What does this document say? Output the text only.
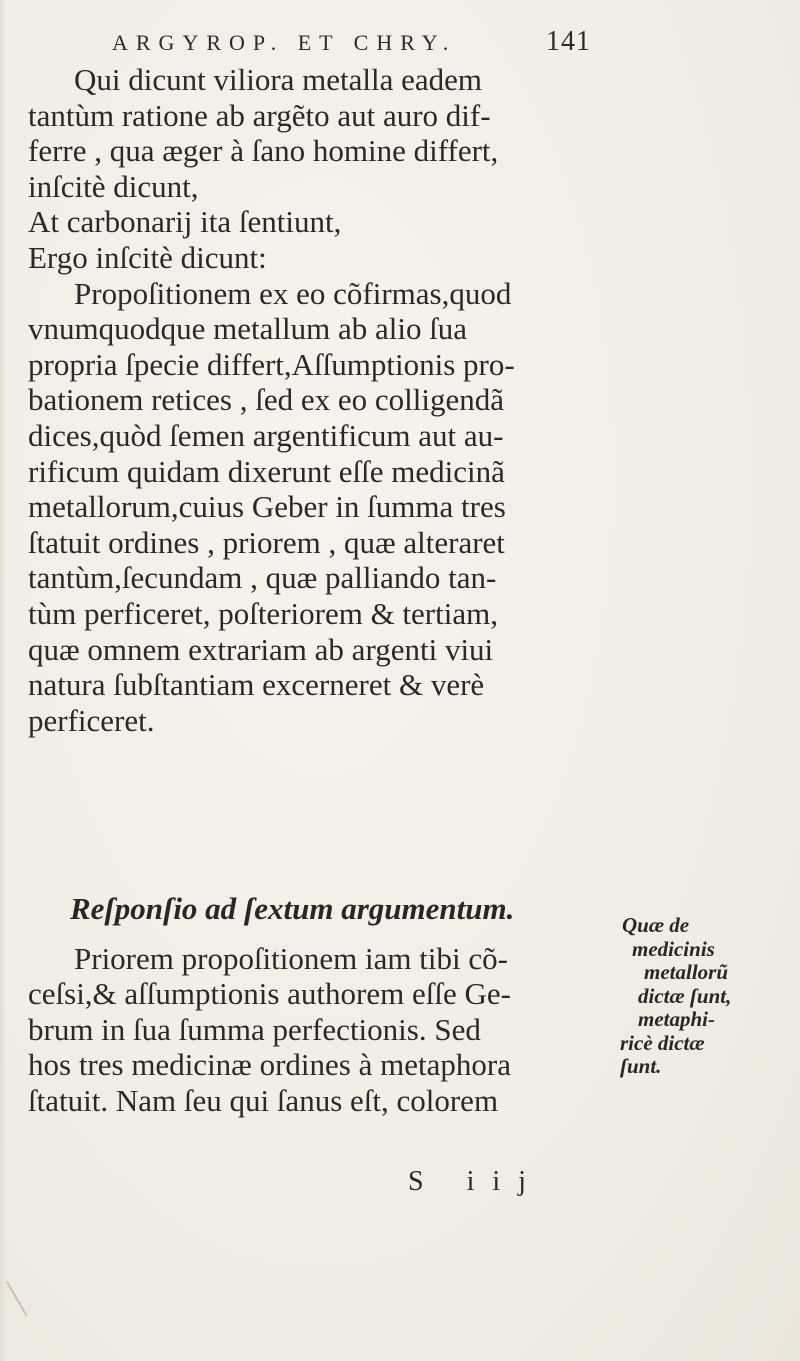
ARGYROP. ET CHRY.	141
Qui dicunt viliora metalla eadem
tantùm ratione ab argẽto aut auro dif-
ferre , qua æger à ſano homine differt,
inſcitè dicunt,
At carbonarij ita ſentiunt,
Ergo inſcitè dicunt:
Propoſitionem ex eo cõfirmas,quod
vnumquodque metallum ab alio ſua
propria ſpecie differt,Aſſumptionis pro-
bationem retices , ſed ex eo colligendã
dices,quòd ſemen argentificum aut au-
rificum quidam dixerunt eſſe medicinã
metallorum,cuius Geber in ſumma tres
ſtatuit ordines , priorem , quæ alteraret
tantùm,ſecundam , quæ palliando tan-
tùm perficeret, poſteriorem & tertiam,
quæ omnem extrariam ab argenti viui
natura ſubſtantiam excerneret & verè
perficeret.
Reſponſio ad ſextum argumentum.
Priorem propoſitionem iam tibi cõ-
ceſsi,& aſſumptionis authorem eſſe Ge-
brum in ſua ſumma perfectionis. Sed
hos tres medicinæ ordines à metaphora
ſtatuit. Nam ſeu qui ſanus eſt, colorem
Quæ de
medicinis
metallorũ
dictæ ſunt,
metaphi-
ricè dictæ
ſunt.
S iij
